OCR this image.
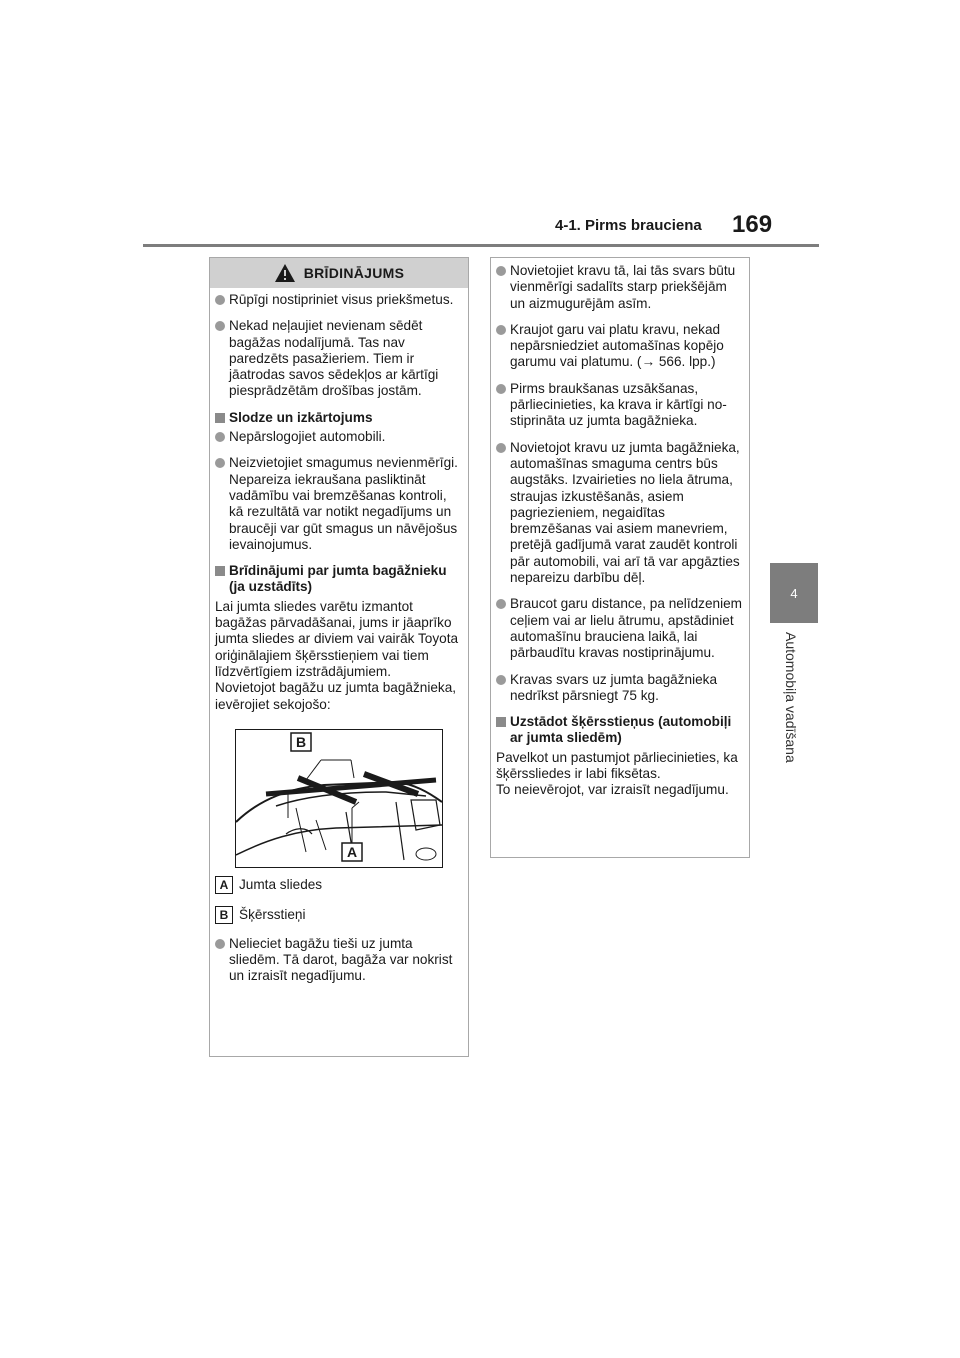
4-1. Pirms brauciena 169
4
Automobiļa vadīšana
BRĪDINĀJUMS
Rūpīgi nostipriniet visus priekšmetus.
Nekad neļaujiet nevienam sēdēt bagāžas nodalījumā. Tas nav paredzēts pasažieriem. Tiem ir jāatrodas savos sēdekļos ar kārtīgi piesprādzētām drošības jostām.
Slodze un izkārtojums
Nepārslogojiet automobili.
Neizvietojiet smagumus nevienmērīgi.
Nepareiza iekraušana pasliktināt vadāmību vai bremzēšanas kontroli, kā rezultātā var notikt negadījums un braucēji var gūt smagus un nāvējošus ievainojumus.
Brīdinājumi par jumta bagāžnieku (ja uzstādīts)
Lai jumta sliedes varētu izmantot bagāžas pārvadāšanai, jums ir jāaprīko jumta sliedes ar diviem vai vairāk Toyota oriģinālajiem šķērsstieņiem vai tiem līdzvērtīgiem izstrādājumiem.
Novietojot bagāžu uz jumta bagāžnieka, ievērojiet sekojošo:
B
A
A Jumta sliedes
B Šķērsstieņi
Nelieciet bagāžu tieši uz jumta sliedēm. Tā darot, bagāža var nokrist un izraisīt negadījumu.
Novietojiet kravu tā, lai tās svars būtu vienmērīgi sadalīts starp priekšējām un aizmugurējām asīm.
Kraujot garu vai platu kravu, nekad nepārsniedziet automašīnas kopējo garumu vai platumu. (→ 566. lpp.)
Pirms braukšanas uzsākšanas, pārliecinieties, ka krava ir kārtīgi no- stiprināta uz jumta bagāžnieka.
Novietojot kravu uz jumta bagāžnieka, automašīnas smaguma centrs būs augstāks. Izvairieties no liela ātruma, straujas izkustēšanās, asiem pagriezieniem, negaidītas bremzēšanas vai asiem manevriem, pretējā gadījumā varat zaudēt kontroli pār automobili, vai arī tā var apgāzties nepareizu darbību dēļ.
Braucot garu distance, pa nelīdzeniem ceļiem vai ar lielu ātrumu, apstādiniet automašīnu brauciena laikā, lai pārbaudītu kravas nostiprinājumu.
Kravas svars uz jumta bagāžnieka nedrīkst pārsniegt 75 kg.
Uzstādot šķērsstieņus (automobiļi ar jumta sliedēm)
Pavelkot un pastumjot pārliecinieties, ka šķērssliedes ir labi fiksētas.
To neievērojot, var izraisīt negadījumu.
